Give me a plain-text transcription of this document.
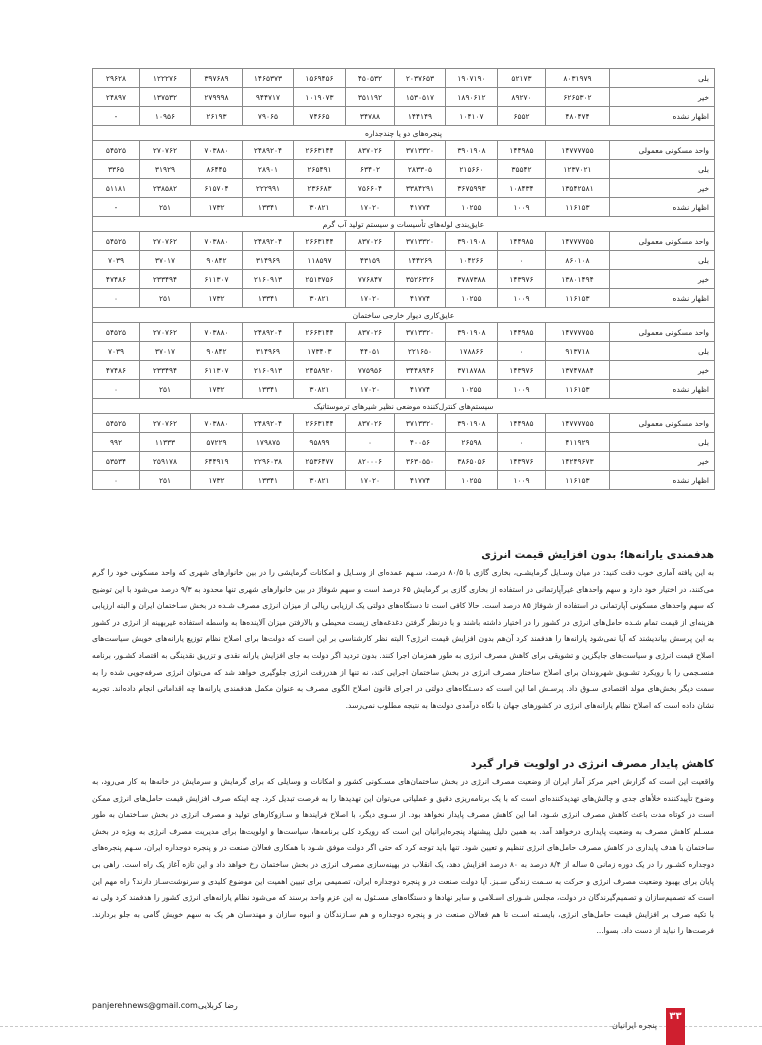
۲۹۶۲۸	۱۲۲۲۷۶	۳۹۷۶۸۹	۱۴۶۵۳۷۳	۱۵۶۹۴۵۶	۴۵۰۵۳۲	۲۰۳۷۶۵۳	۱۹۰۷۱۹۰	۵۲۱۷۳	۸۰۳۱۹۷۹	بلی
۲۴۸۹۷	۱۳۷۵۳۲	۲۷۹۹۹۸	۹۴۴۷۱۷	۱۰۱۹۰۷۳	۳۵۱۱۹۲	۱۵۳۰۵۱۷	۱۸۹۰۶۱۲	۸۹۲۷۰	۶۲۶۵۳۰۲	خیر
-	۱۰۹۵۶	۲۶۱۹۳	۷۹۰۶۵	۷۴۶۶۵	۳۴۷۸۸	۱۴۴۱۴۹	۱۰۴۱۰۷	۶۵۵۲	۴۸۰۴۷۴	اظهار نشده
پنجره‌های دو یا چندجداره										
۵۴۵۲۵	۲۷۰۷۶۲	۷۰۳۸۸۰	۲۴۸۹۲۰۴	۲۶۶۳۱۴۴	۸۳۷۰۲۶	۳۷۱۳۳۲۰	۳۹۰۱۹۰۸	۱۴۴۹۸۵	۱۴۷۷۷۷۵۵	واحد مسکونی معمولی
۳۳۶۵	۳۱۹۲۹	۸۶۴۴۵	۲۸۹۰۱	۲۶۵۴۹۱	۶۳۴۰۲	۲۸۳۳۰۵	۲۱۵۶۶۰	۳۵۵۴۲	۱۲۳۷۰۲۱	بلی
۵۱۱۸۱	۲۳۸۵۸۲	۶۱۵۷۰۴	۲۲۲۹۹۱	۲۳۶۶۸۳	۷۵۶۶۰۴	۳۳۸۴۲۹۱	۳۶۷۵۹۹۳	۱۰۸۴۳۴	۱۳۵۴۲۵۸۱	خیر
-	۲۵۱	۱۷۳۲	۱۳۳۴۱	۳۰۸۲۱	۱۷۰۲۰	۴۱۷۷۴	۱۰۲۵۵	۱۰۰۹	۱۱۶۱۵۳	اظهار نشده
عایق‌بندی لوله‌های تأسیسات و سیستم تولید آب گرم										
۵۴۵۲۵	۲۷۰۷۶۲	۷۰۳۸۸۰	۲۴۸۹۲۰۴	۲۶۶۳۱۴۴	۸۳۷۰۲۶	۳۷۱۳۳۲۰	۳۹۰۱۹۰۸	۱۴۴۹۸۵	۱۴۷۷۷۷۵۵	واحد مسکونی معمولی
۷۰۳۹	۳۷۰۱۷	۹۰۸۴۲	۳۱۴۹۶۹	۱۱۸۵۹۷	۴۳۱۵۹	۱۴۴۲۶۹	۱۰۴۲۶۶	۰	۸۶۰۱۰۸	بلی
۴۷۴۸۶	۲۳۳۴۹۴	۶۱۱۳۰۷	۲۱۶۰۹۱۳	۲۵۱۳۷۵۶	۷۷۶۸۴۷	۳۵۲۶۳۲۶	۳۷۸۷۳۸۸	۱۴۳۹۷۶	۱۳۸۰۱۴۹۴	خیر
۰	۲۵۱	۱۷۳۲	۱۳۳۴۱	۳۰۸۲۱	۱۷۰۲۰	۴۱۷۷۴	۱۰۲۵۵	۱۰۰۹	۱۱۶۱۵۳	اظهار نشده
عایق‌کاری دیوار خارجی ساختمان										
۵۴۵۲۵	۲۷۰۷۶۲	۷۰۳۸۸۰	۲۴۸۹۲۰۴	۲۶۶۳۱۴۴	۸۳۷۰۲۶	۳۷۱۳۳۲۰	۳۹۰۱۹۰۸	۱۴۴۹۸۵	۱۴۷۷۷۷۵۵	واحد مسکونی معمولی
۷۰۳۹	۳۷۰۱۷	۹۰۸۴۲	۳۱۴۹۶۹	۱۷۳۴۰۳	۴۴۰۵۱	۲۲۱۶۵۰	۱۷۸۸۶۶	۰	۹۱۳۷۱۸	بلی
۴۷۴۸۶	۲۳۳۴۹۴	۶۱۱۳۰۷	۲۱۶۰۹۱۳	۲۴۵۸۹۲۰	۷۷۵۹۵۶	۳۴۴۸۹۴۶	۳۷۱۸۷۸۸	۱۴۳۹۷۶	۱۳۷۴۷۸۸۴	خیر
۰	۲۵۱	۱۷۳۲	۱۳۳۴۱	۳۰۸۲۱	۱۷۰۲۰	۴۱۷۷۴	۱۰۲۵۵	۱۰۰۹	۱۱۶۱۵۳	اظهار نشده
سیستم‌های کنترل‌کننده موضعی نظیر شیرهای ترموستاتیک										
۵۴۵۲۵	۲۷۰۷۶۲	۷۰۳۸۸۰	۲۴۸۹۲۰۴	۲۶۶۳۱۴۴	۸۳۷۰۲۶	۳۷۱۳۳۲۰	۳۹۰۱۹۰۸	۱۴۴۹۸۵	۱۴۷۷۷۷۵۵	واحد مسکونی معمولی
۹۹۲	۱۱۳۳۳	۵۷۲۲۹	۱۷۹۸۷۵	۹۵۸۹۹	۰	۴۰۰۵۶	۲۶۵۹۸	۰	۴۱۱۹۲۹	بلی
۵۳۵۳۴	۲۵۹۱۷۸	۶۴۴۹۱۹	۲۲۹۶۰۳۸	۲۵۳۶۴۷۷	۸۲۰۰۰۶	۳۶۳۰۵۵۰	۳۸۶۵۰۵۶	۱۴۳۹۷۶	۱۴۲۴۹۶۷۳	خیر
۰	۲۵۱	۱۷۳۲	۱۳۳۴۱	۳۰۸۲۱	۱۷۰۲۰	۴۱۷۷۴	۱۰۲۵۵	۱۰۰۹	۱۱۶۱۵۳	اظهار نشده
هدفمندی یارانه‌ها؛ بدون افزایش قیمت انرژی

به این یافته آماری خوب دقت کنید: در میان وسـایل گرمایشـی، بخاری گازی با ۸۰/۵ درصد، سـهم عمده‌ای از وسـایل و امکانات گرمایشی را در بین خانوارهای شهری که واحد مسکونی خود را گرم می‌کنند، در اختیار خود دارد و سهم واحدهای غیرآپارتمانی در استفاده از بخاری گازی بر گرمایش ۶۵ درصد است و سهم شوفاژ در بین خانوارهای شهری تنها محدود به ۹/۳ درصد می‌شود با این توضیح که سهم واحدهای مسکونی آپارتمانی در استفاده از شوفاژ ۸۵ درصد است. حالا کافی است تا دستگاه‌های دولتی یک ارزیابی ریالی از میزان انرژی مصرف شـده در بخش سـاختمان ایران و البته ارزیابی هزینه‌ای از قیمت تمام شـده حامل‌های انرژی در کشور را در اختیار داشته باشند و با درنظر گرفتن دغدغه‌های زیست محیطی و بالارفتن میزان آلاینده‌ها به واسطه استفاده غیربهینه از انرژی در کشور به این پرسش بیاندیشند که آیا نمی‌شود یارانه‌ها را هدفمند کرد آن‌هم بدون افزایش قیمت انرژی؟ البته نظر کارشناسی بر این است که دولت‌ها برای اصلاح نظام توزیع یارانه‌های خویش سیاست‌های اصلاح قیمت انرژی و سیاست‌های جایگزین و تشویقی برای کاهش مصرف انرژی به طور همزمان اجرا کنند. بدون تردید اگر دولت به جای افزایش یارانه نقدی و تزریق نقدینگی به اقتصاد کشـور، برنامه منسـجمی را با رویکرد تشـویق شهروندان برای اصلاح ساختار مصرف انرژی در بخش ساختمان اجرایی کند، نه تنها از هدررفت انرژی جلوگیری خواهد شد که می‌توان انرژی صرفه‌جویی شده را به سمت دیگر بخش‌های مولد اقتصادی سـوق داد. پرسـش اما این است که دسـتگاه‌های دولتی در اجرای قانون اصلاح الگوی مصرف به عنوان مکمل هدفمندی یارانه‌ها چه اقداماتی انجام داده‌اند. تجربه نشان داده است که اصلاح نظام یارانه‌های انرژی در کشورهای جهان با نگاه درآمدی دولت‌ها به نتیجه مطلوب نمی‌رسد.

کاهش پایدار مصرف انرژی در اولویت قرار گیرد

واقعیت این است که گزارش اخیر مرکز آمار ایران از وضعیت مصرف انرژی در بخش ساختمان‌های مسـکونی کشور و امکانات و وسایلی که برای گرمایش و سرمایش در خانه‌ها به کار می‌رود، به وضوح تأییدکننده خلأهای جدی و چالش‌های تهدیدکننده‌ای است که با یک برنامه‌ریزی دقیق و عملیاتی می‌توان این تهدیدها را به فرصت تبدیل کرد. چه اینکه صرف افزایش قیمت حامل‌های انرژی ممکن است در کوتاه مدت باعث کاهش مصرف انرژی شـود، اما این کاهش مصرف پایدار نخواهد بود. از سـوی دیگر، با اصلاح فرایندها و سـازوکارهای تولید و مصرف انرژی در بخش سـاختمان به طور مسـلم کاهش مصرف به وضعیت پایداری درخواهد آمد. به همین دلیل پیشنهاد پنجره‌ایرانیان این است که رویکرد کلی برنامه‌ها، سیاست‌ها و اولویت‌ها برای مدیریت مصرف انرژی به ویژه در بخش ساختمان با هدف پایداری در کاهش مصرف حامل‌های انرژی تنظیم و تعیین شود. تنها باید توجه کرد که حتی اگر دولت موفق شـود با همکاری فعالان صنعت در و پنجره دوجداره ایران، سـهم پنجره‌های دوجداره کشـور را در یک دوره زمانی ۵ ساله از ۸/۴ درصد به ۸۰ درصد افزایش دهد، یک انقلاب در بهینه‌سازی مصرف انرژی در بخش ساختمان رخ خواهد داد و این تازه آغاز یک راه است. راهی بی پایان برای بهبود وضعیت مصرف انرژی و حرکت به سـمت زندگی سـبز. آیا دولت صنعت در و پنجره دوجداره ایران، تصمیمی برای تبیین اهمیت این موضوع کلیدی و سرنوشت‌سـاز دارند؟ راه مهم این است که تصمیم‌سازان و تصمیم‌گیرندگان در دولت، مجلس شـورای اسـلامی و سایر نهادها و دستگاه‌های مسـئول به این عزم واحد برسند که می‌شود نظام یارانه‌های انرژی کشور را هدفمند کرد ولی نه با تکیه صرف بر افزایش قیمت حامل‌های انرژی، بایسـته اسـت تا هم فعالان صنعت در و پنجره دوجداره و هم سـازندگان و انبوه سازان و مهندسان هر یک به سهم خویش گامی به جلو بردارند. فرصت‌ها را نباید از دست داد. بسوا...

panjerehnews@gmail.com رضا کربلایی
پنجره ایرانیان
۳۳
